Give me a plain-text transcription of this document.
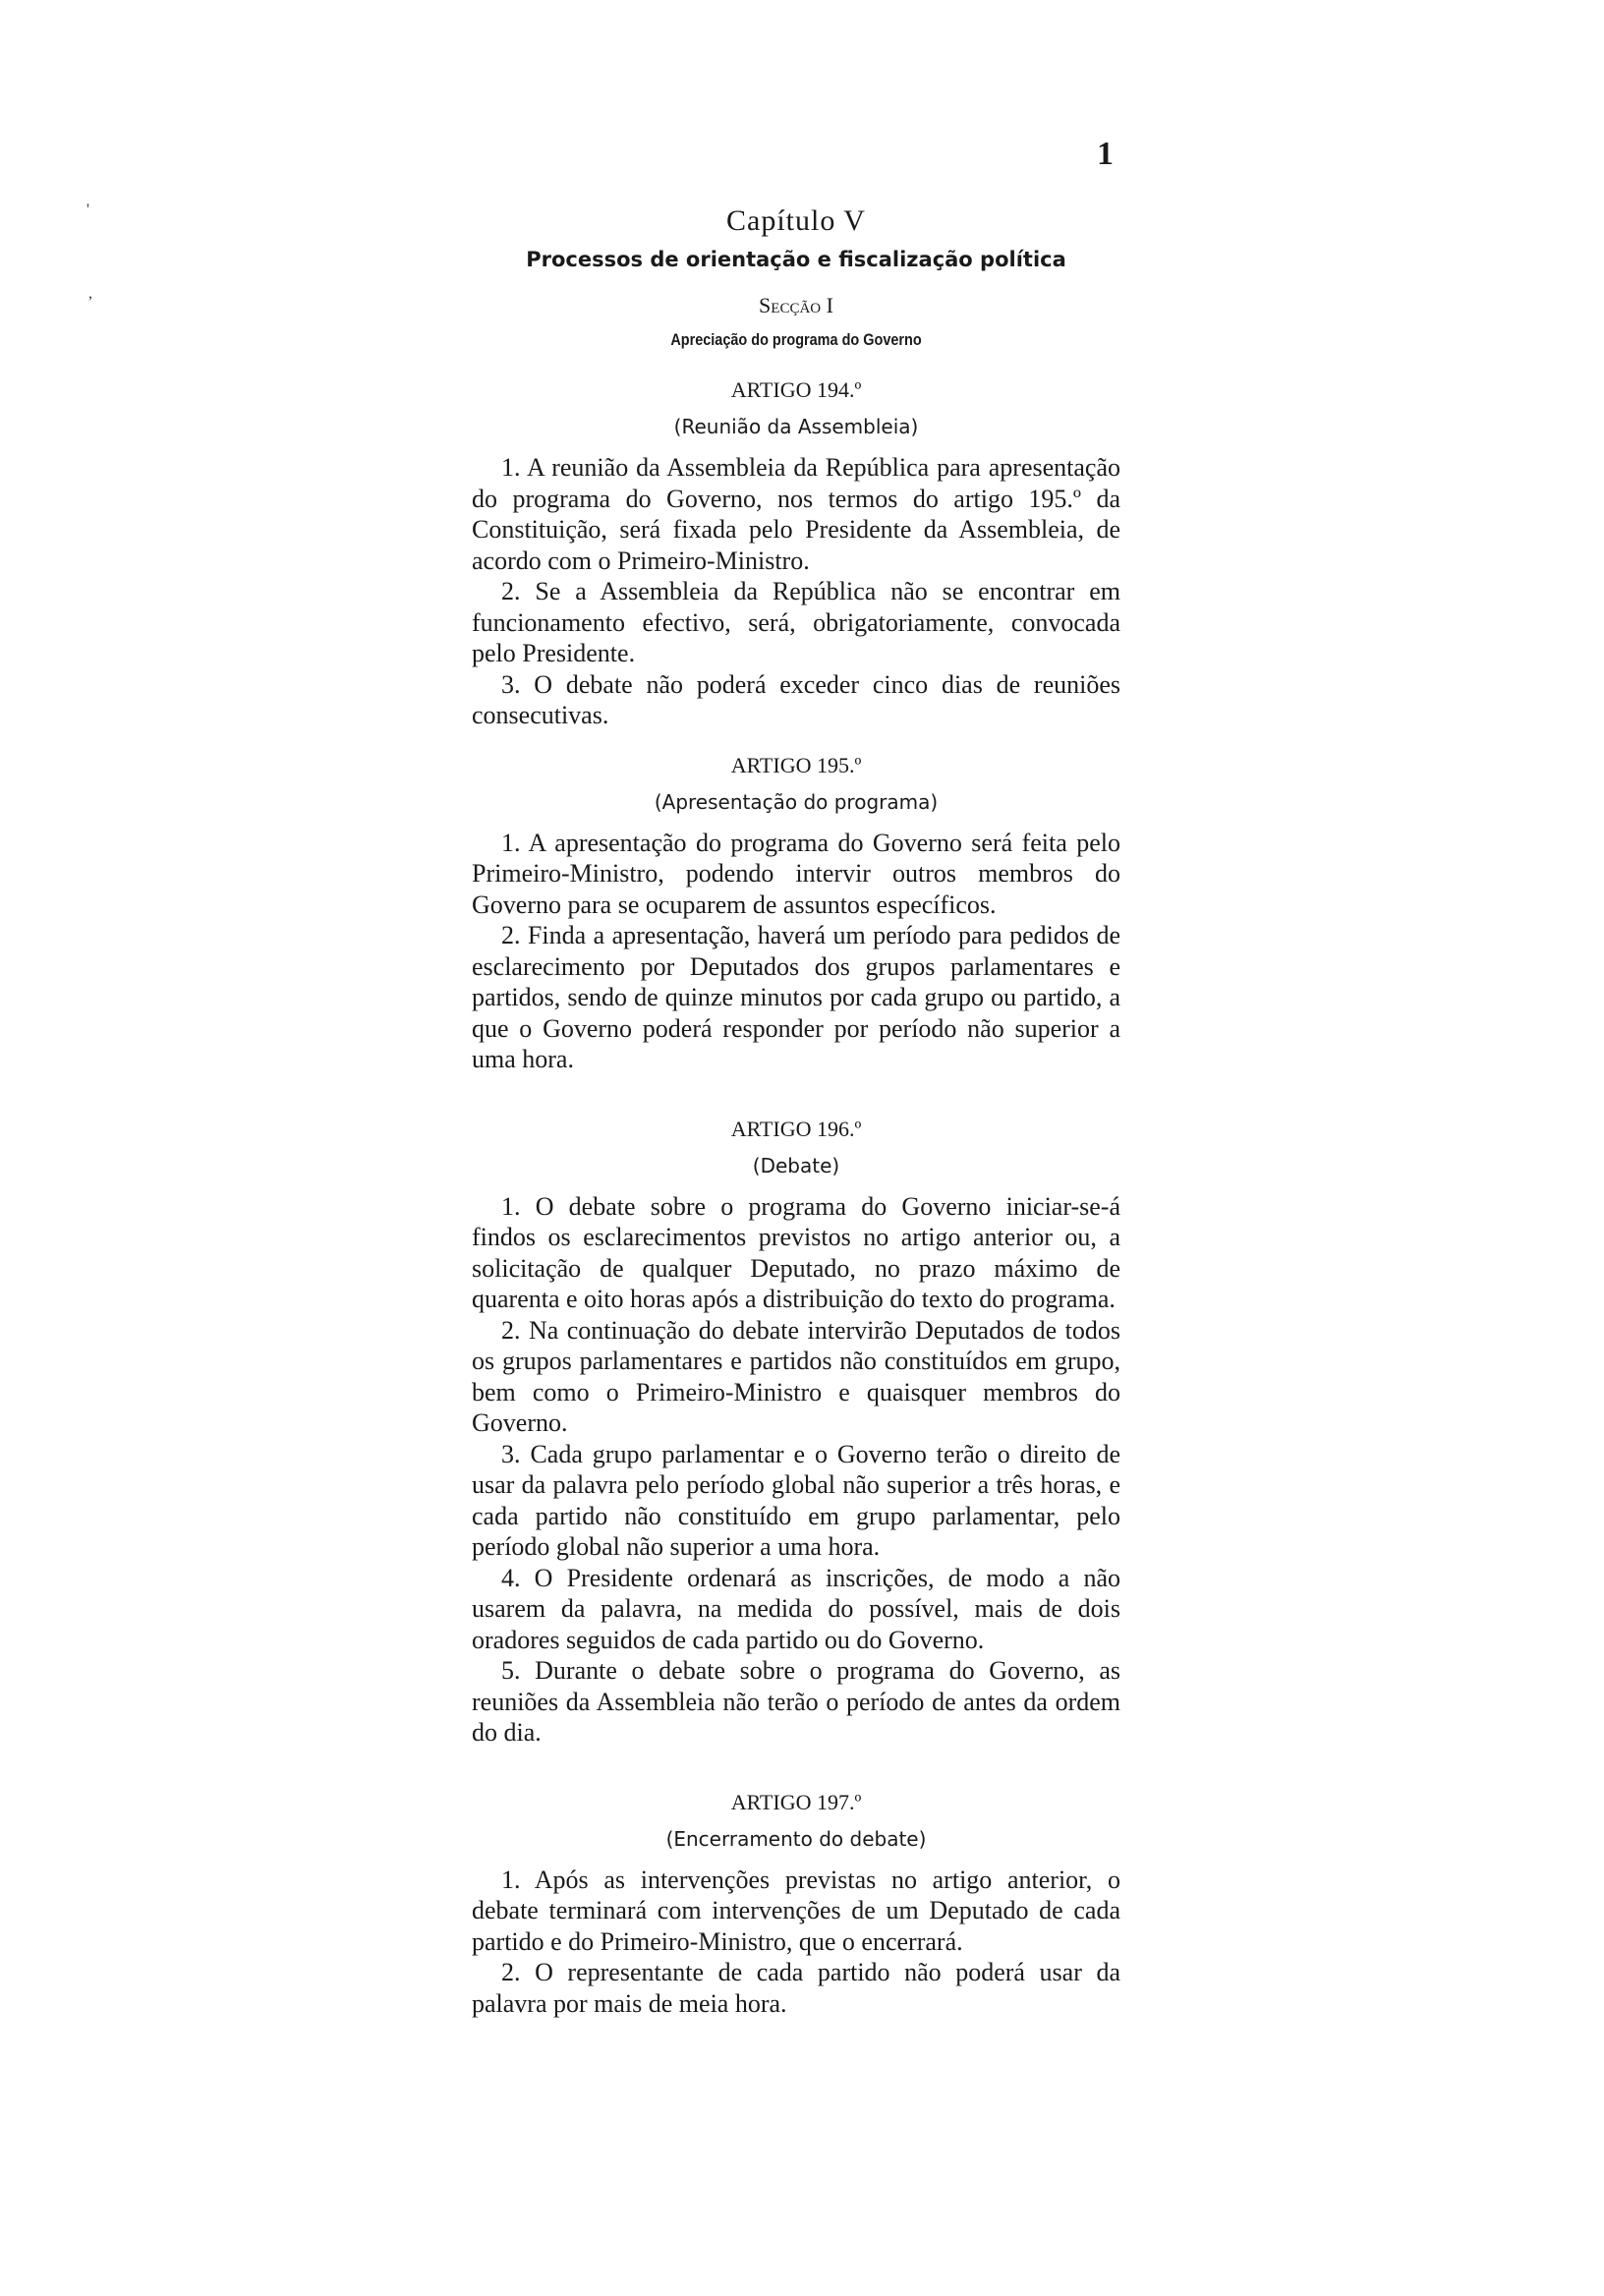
1
'
,
Capítulo V
Processos de orientação e fiscalização política
Secção I
Apreciação do programa do Governo
ARTIGO 194.º
(Reunião da Assembleia)

1. A reunião da Assembleia da República para apresentação do programa do Governo, nos termos do artigo 195.º da Constituição, será fixada pelo Presidente da Assembleia, de acordo com o Primeiro-Ministro.

2. Se a Assembleia da República não se encontrar em funcionamento efectivo, será, obrigatoriamente, convocada pelo Presidente.

3. O debate não poderá exceder cinco dias de reuniões consecutivas.

ARTIGO 195.º
(Apresentação do programa)

1. A apresentação do programa do Governo será feita pelo Primeiro-Ministro, podendo intervir outros membros do Governo para se ocuparem de assuntos específicos.

2. Finda a apresentação, haverá um período para pedidos de esclarecimento por Deputados dos grupos parlamentares e partidos, sendo de quinze minutos por cada grupo ou partido, a que o Governo poderá responder por período não superior a uma hora.

ARTIGO 196.º
(Debate)

1. O debate sobre o programa do Governo iniciar-se-á findos os esclarecimentos previstos no artigo anterior ou, a solicitação de qualquer Deputado, no prazo máximo de quarenta e oito horas após a distribuição do texto do programa.

2. Na continuação do debate intervirão Deputados de todos os grupos parlamentares e partidos não constituídos em grupo, bem como o Primeiro-Ministro e quaisquer membros do Governo.

3. Cada grupo parlamentar e o Governo terão o direito de usar da palavra pelo período global não superior a três horas, e cada partido não constituído em grupo parlamentar, pelo período global não superior a uma hora.

4. O Presidente ordenará as inscrições, de modo a não usarem da palavra, na medida do possível, mais de dois oradores seguidos de cada partido ou do Governo.

5. Durante o debate sobre o programa do Governo, as reuniões da Assembleia não terão o período de antes da ordem do dia.

ARTIGO 197.º
(Encerramento do debate)

1. Após as intervenções previstas no artigo anterior, o debate terminará com intervenções de um Deputado de cada partido e do Primeiro-Ministro, que o encerrará.

2. O representante de cada partido não poderá usar da palavra por mais de meia hora.
